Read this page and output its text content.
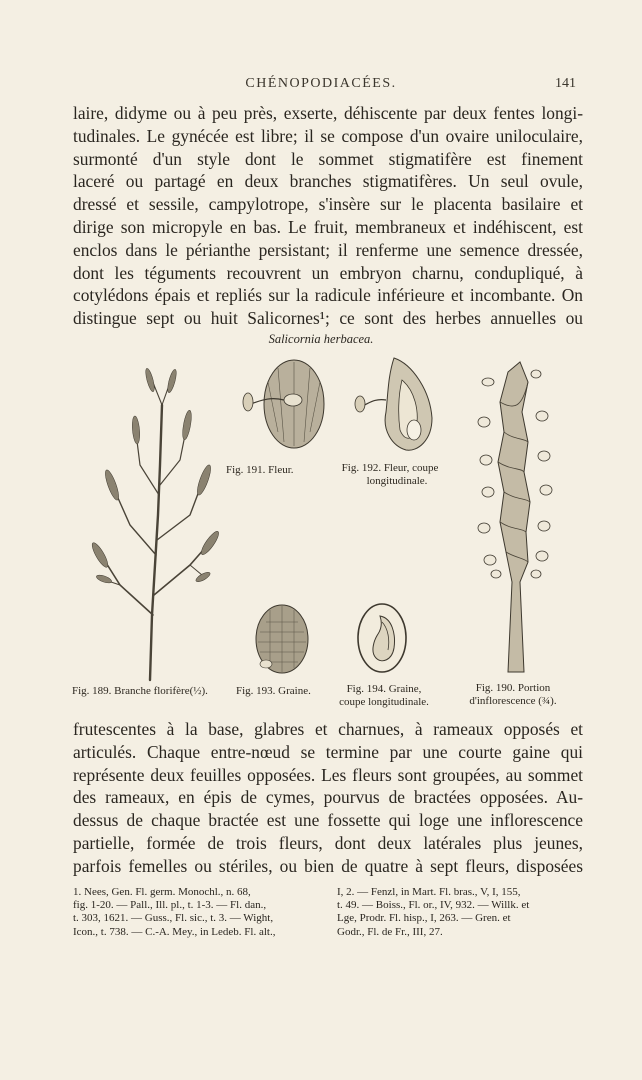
CHÉNOPODIACÉES.	141
laire, didyme ou à peu près, exserte, déhiscente par deux fentes longi-
tudinales. Le gynécée est libre; il se compose d'un ovaire uniloculaire,
surmonté d'un style dont le sommet stigmatifère est finement
laceré ou partagé en deux branches stigmatifères. Un seul ovule,
dressé et sessile, campylotrope, s'insère sur le placenta basilaire et
dirige son micropyle en bas. Le fruit, membraneux et indéhiscent, est
enclos dans le périanthe persistant; il renferme une semence dressée,
dont les téguments recouvrent un embryon charnu, condupliqué, à
cotylédons épais et repliés sur la radicule inférieure et incombante. On
distingue sept ou huit Salicornes¹; ce sont des herbes annuelles ou
Salicornia herbacea.
Fig. 191. Fleur.	Fig. 192. Fleur, coupe
longitudinale.
Fig. 190. Portion
d'inflorescence (¾).
Fig. 193. Graine.	Fig. 194. Graine,
coupe longitudinale.
Fig. 189. Branche florifère(½).
frutescentes à la base, glabres et charnues, à rameaux opposés et
articulés. Chaque entre-nœud se termine par une courte gaine qui
représente deux feuilles opposées. Les fleurs sont groupées, au sommet
des rameaux, en épis de cymes, pourvus de bractées opposées. Au-
dessus de chaque bractée est une fossette qui loge une inflorescence
partielle, formée de trois fleurs, dont deux latérales plus jeunes,
parfois femelles ou stériles, ou bien de quatre à sept fleurs, disposées
1. Nees, Gen. Fl. germ. Monochl., n. 68,
fig. 1-20. — Pall., Ill. pl., t. 1-3. — Fl. dan.,
t. 303, 1621. — Guss., Fl. sic., t. 3. — Wight,
Icon., t. 738. — C.-A. Mey., in Ledeb. Fl. alt.,
I, 2. — Fenzl, in Mart. Fl. bras., V, I, 155,
t. 49. — Boiss., Fl. or., IV, 932. — Willk. et
Lge, Prodr. Fl. hisp., I, 263. — Gren. et
Godr., Fl. de Fr., III, 27.
